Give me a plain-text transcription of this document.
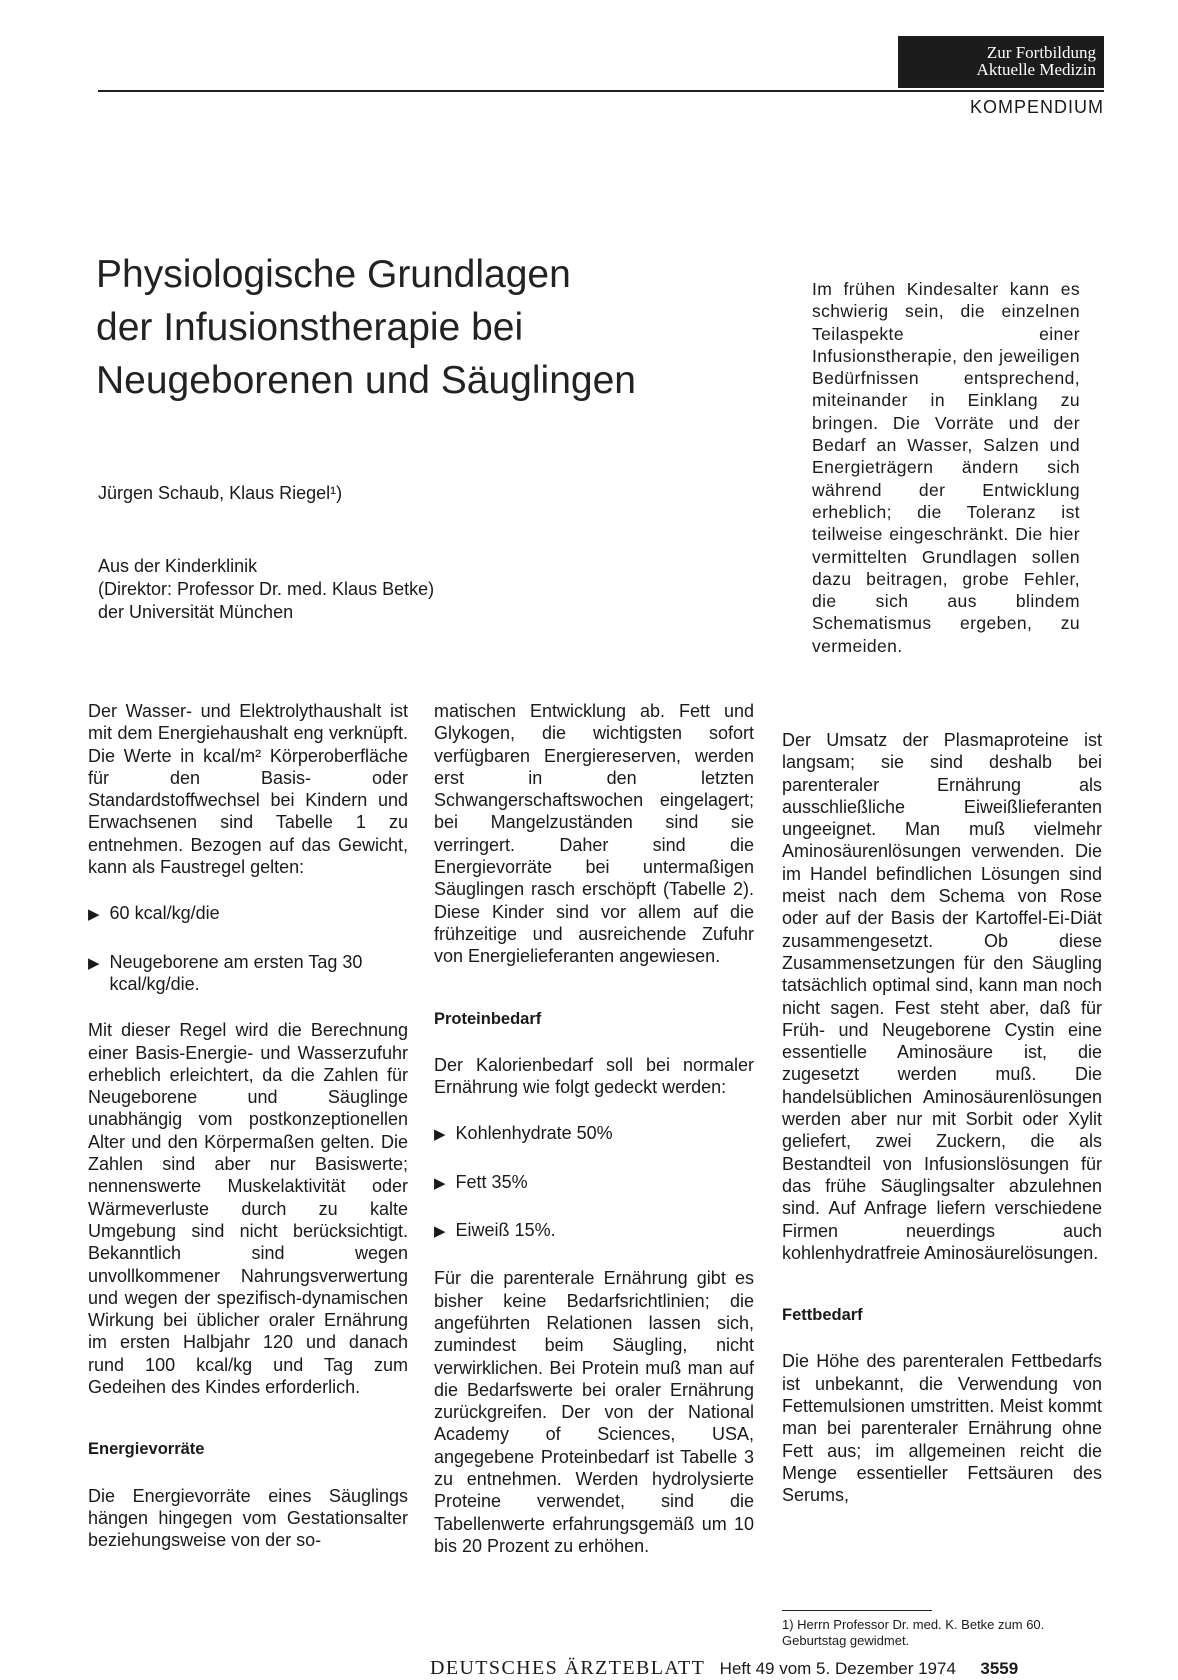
Zur Fortbildung
Aktuelle Medizin
KOMPENDIUM
Physiologische Grundlagen
der Infusionstherapie bei
Neugeborenen und Säuglingen
Jürgen Schaub, Klaus Riegel¹)
Aus der Kinderklinik
(Direktor: Professor Dr. med. Klaus Betke)
der Universität München
Im frühen Kindesalter kann es schwierig sein, die einzelnen Teilaspekte einer Infusionstherapie, den jeweiligen Bedürfnissen entsprechend, miteinander in Einklang zu bringen. Die Vorräte und der Bedarf an Wasser, Salzen und Energieträgern ändern sich während der Entwicklung erheblich; die Toleranz ist teilweise eingeschränkt. Die hier vermittelten Grundlagen sollen dazu beitragen, grobe Fehler, die sich aus blindem Schematismus ergeben, zu vermeiden.

Der Wasser- und Elektrolythaushalt ist mit dem Energiehaushalt eng verknüpft. Die Werte in kcal/m² Körperoberfläche für den Basis- oder Standardstoffwechsel bei Kindern und Erwachsenen sind Tabelle 1 zu entnehmen. Bezogen auf das Gewicht, kann als Faustregel gelten:

▶ 60 kcal/kg/die
▶ Neugeborene am ersten Tag 30 kcal/kg/die.

Mit dieser Regel wird die Berechnung einer Basis-Energie- und Wasserzufuhr erheblich erleichtert, da die Zahlen für Neugeborene und Säuglinge unabhängig vom postkonzeptionellen Alter und den Körpermaßen gelten. Die Zahlen sind aber nur Basiswerte; nennenswerte Muskelaktivität oder Wärmeverluste durch zu kalte Umgebung sind nicht berücksichtigt. Bekanntlich sind wegen unvollkommener Nahrungsverwertung und wegen der spezifisch-dynamischen Wirkung bei üblicher oraler Ernährung im ersten Halbjahr 120 und danach rund 100 kcal/kg und Tag zum Gedeihen des Kindes erforderlich.

Energievorräte

Die Energievorräte eines Säuglings hängen hingegen vom Gestationsalter beziehungsweise von der so-

matischen Entwicklung ab. Fett und Glykogen, die wichtigsten sofort verfügbaren Energiereserven, werden erst in den letzten Schwangerschaftswochen eingelagert; bei Mangelzuständen sind sie verringert. Daher sind die Energievorräte bei untermaßigen Säuglingen rasch erschöpft (Tabelle 2). Diese Kinder sind vor allem auf die frühzeitige und ausreichende Zufuhr von Energielieferanten angewiesen.

Proteinbedarf

Der Kalorienbedarf soll bei normaler Ernährung wie folgt gedeckt werden:

▶ Kohlenhydrate 50%
▶ Fett 35%
▶ Eiweiß 15%.

Für die parenterale Ernährung gibt es bisher keine Bedarfsrichtlinien; die angeführten Relationen lassen sich, zumindest beim Säugling, nicht verwirklichen. Bei Protein muß man auf die Bedarfswerte bei oraler Ernährung zurückgreifen. Der von der National Academy of Sciences, USA, angegebene Proteinbedarf ist Tabelle 3 zu entnehmen. Werden hydrolysierte Proteine verwendet, sind die Tabellenwerte erfahrungsgemäß um 10 bis 20 Prozent zu erhöhen.

Der Umsatz der Plasmaproteine ist langsam; sie sind deshalb bei parenteraler Ernährung als ausschließliche Eiweißlieferanten ungeeignet. Man muß vielmehr Aminosäurenlösungen verwenden. Die im Handel befindlichen Lösungen sind meist nach dem Schema von Rose oder auf der Basis der Kartoffel-Ei-Diät zusammengesetzt. Ob diese Zusammensetzungen für den Säugling tatsächlich optimal sind, kann man noch nicht sagen. Fest steht aber, daß für Früh- und Neugeborene Cystin eine essentielle Aminosäure ist, die zugesetzt werden muß. Die handelsüblichen Aminosäurenlösungen werden aber nur mit Sorbit oder Xylit geliefert, zwei Zuckern, die als Bestandteil von Infusionslösungen für das frühe Säuglingsalter abzulehnen sind. Auf Anfrage liefern verschiedene Firmen neuerdings auch kohlenhydratfreie Aminosäurelösungen.

Fettbedarf

Die Höhe des parenteralen Fettbedarfs ist unbekannt, die Verwendung von Fettemulsionen umstritten. Meist kommt man bei parenteraler Ernährung ohne Fett aus; im allgemeinen reicht die Menge essentieller Fettsäuren des Serums,

1) Herrn Professor Dr. med. K. Betke zum 60. Geburtstag gewidmet.
DEUTSCHES ÄRZTEBLATT Heft 49 vom 5. Dezember 1974 3559
